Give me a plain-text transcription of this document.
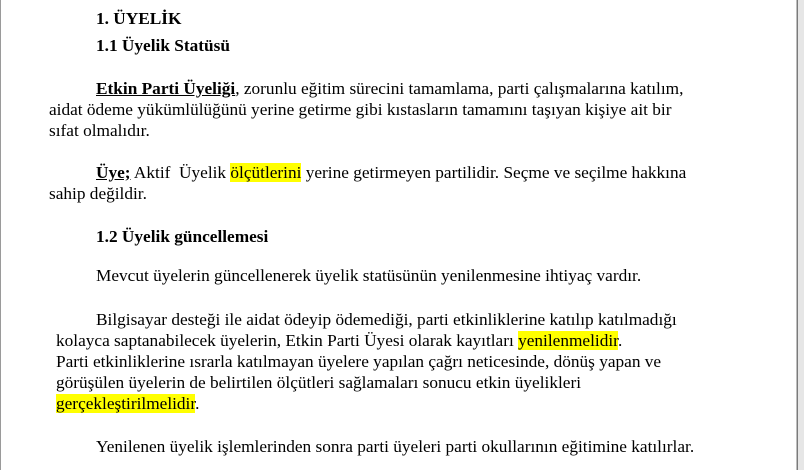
1. ÜYELİK
1.1 Üyelik Statüsü
Etkin Parti Üyeliği, zorunlu eğitim sürecini tamamlama, parti çalışmalarına katılım,
aidat ödeme yükümlülüğünü yerine getirme gibi kıstasların tamamını taşıyan kişiye ait bir
sıfat olmalıdır.
Üye; Aktif  Üyelik ölçütlerini yerine getirmeyen partilidir. Seçme ve seçilme hakkına
sahip değildir.
1.2 Üyelik güncellemesi
Mevcut üyelerin güncellenerek üyelik statüsünün yenilenmesine ihtiyaç vardır.
Bilgisayar desteği ile aidat ödeyip ödemediği, parti etkinliklerine katılıp katılmadığı
kolayca saptanabilecek üyelerin, Etkin Parti Üyesi olarak kayıtları yenilenmelidir.
Parti etkinliklerine ısrarla katılmayan üyelere yapılan çağrı neticesinde, dönüş yapan ve
görüşülen üyelerin de belirtilen ölçütleri sağlamaları sonucu etkin üyelikleri
gerçekleştirilmelidir.
Yenilenen üyelik işlemlerinden sonra parti üyeleri parti okullarının eğitimine katılırlar.
